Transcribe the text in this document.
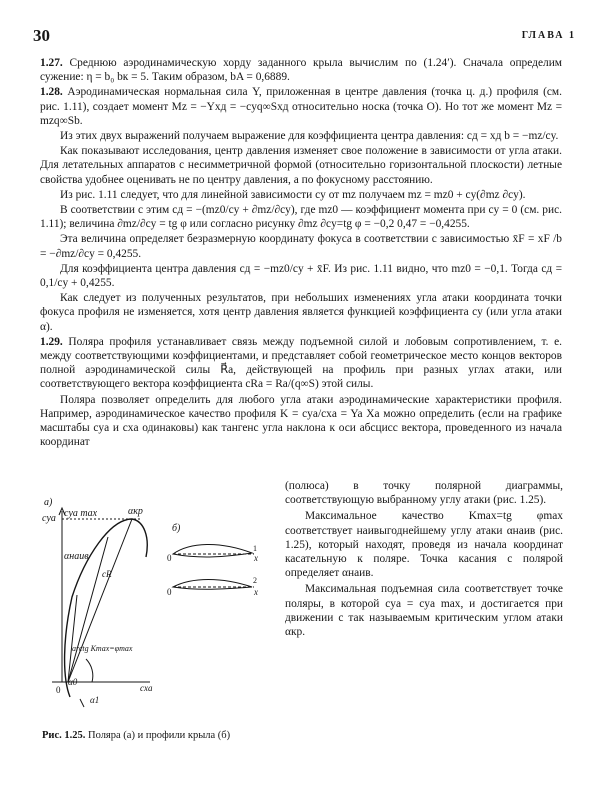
30	ГЛАВА 1

1.27. Среднюю аэродинамическую хорду заданного крыла вычислим по (1.24′). Сначала определим сужение: η = b₀ bк = 5. Таким образом, bA = 0,6889.

1.28. Аэродинамическая нормальная сила Y, приложенная в центре давления (точка ц. д.) профиля (см. рис. 1.11), создает момент Mz = −Yxд = −cyq∞Sxд относительно носка (точка O). Но тот же момент Mz = mzq∞Sb.

Из этих двух выражений получаем выражение для коэффициента центра давления: cд = xд b = −mz/cy.

Как показывают исследования, центр давления изменяет свое положение в зависимости от угла атаки. Для летательных аппаратов с несимметричной формой (относительно горизонтальной плоскости) летные свойства удобнее оценивать не по центру давления, а по фокусному расстоянию.

Из рис. 1.11 следует, что для линейной зависимости cy от mz получаем mz = mz0 + cy(∂mz ∂cy).

В соответствии с этим cд = −(mz0/cy + ∂mz/∂cy), где mz0 — коэффициент момента при cy = 0 (см. рис. 1.11); величина ∂mz/∂cy = tg φ или согласно рисунку ∂mz ∂cy=tg φ = −0,2 0,47 = −0,4255.

Эта величина определяет безразмерную координату фокуса в соответствии с зависимостью x̄F = xF /b = −∂mz/∂cy = 0,4255.

Для коэффициента центра давления cд = −mz0/cy + x̄F. Из рис. 1.11 видно, что mz0 = −0,1. Тогда cд = 0,1/cy + 0,4255.

Как следует из полученных результатов, при небольших изменениях угла атаки координата точки фокуса профиля не изменяется, хотя центр давления является функцией коэффициента cy (или угла атаки α).

1.29. Поляра профиля устанавливает связь между подъемной силой и лобовым сопротивлением, т. е. между соответствующими коэффициентами, и представляет собой геометрическое место концов векторов полной аэродинамической силы R⃗a, действующей на профиль при разных углах атаки, или соответствующего вектора коэффициента cRa = Ra/(q∞S) этой силы.

Поляра позволяет определить для любого угла атаки аэродинамические характеристики профиля. Например, аэродинамическое качество профиля K = cya/cxa = Ya Xa можно определить (если на графике масштабы cya и cxa одинаковы) как тангенс угла наклона к оси абсцисс вектора, проведенного из начала координат

(полюса) в точку полярной диаграммы, соответствующую выбранному углу атаки (рис. 1.25).

Максимальное качество Kmax=tg φmax соответствует наивыгоднейшему углу атаки αнаив (рис. 1.25), который находят, проведя из начала координат касательную к поляре. Точка касания с полярой определяет αнаив.

Максимальная подъемная сила соответствует точке поляры, в которой cya = cya max, и достигается при движении с так называемым критическим углом атаки αкр.

а)
cya cya max	αкр
αнаив
cR
arctg Kmax=φmax
α0
α1
0	cxa
б)
0	x
1
0	x
2
Рис. 1.25. Поляра (а) и профили крыла (б)
